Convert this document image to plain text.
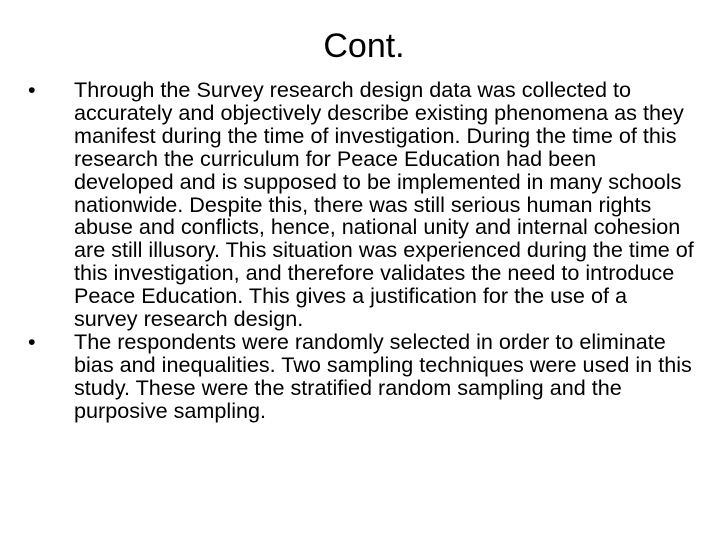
Cont.
•	Through the Survey research design data was collected to accurately and objectively describe existing phenomena as they manifest during the time of investigation. During the time of this research the curriculum for Peace Education had been developed and is supposed to be implemented in many schools nationwide. Despite this, there was still serious human rights abuse and conflicts, hence, national unity and internal cohesion are still illusory. This situation was experienced during the time of this investigation, and therefore validates the need to introduce Peace Education. This gives a justification for the use of a survey research design.
•	The respondents were randomly selected in order to eliminate bias and inequalities. Two sampling techniques were used in this study. These were the stratified random sampling and the purposive sampling.
